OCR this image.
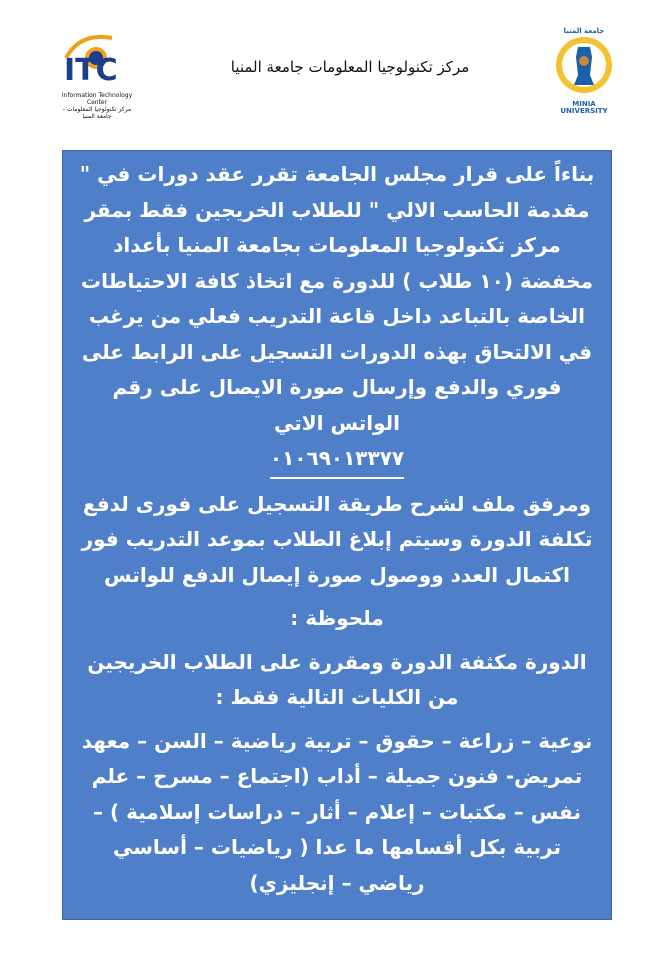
ITC
Information Technology Center
مركز تكنولوجيا المعلومات - جامعة المنيا
مركز تكنولوجيا المعلومات جامعة المنيا
جامعة المنيا
MINIA UNIVERSITY

بناءاً على قرار مجلس الجامعة تقرر عقد دورات في " مقدمة الحاسب الالي " للطلاب الخريجين فقط بمقر مركز تكنولوجيا المعلومات بجامعة المنيا بأعداد مخفضة (١٠ طلاب ) للدورة مع اتخاذ كافة الاحتياطات الخاصة بالتباعد داخل قاعة التدريب فعلي من يرغب في الالتحاق بهذه الدورات التسجيل على الرابط على فوري والدفع وإرسال صورة الايصال على رقم الواتس الاتي
٠١٠٦٩٠١٣٣٧٧

ومرفق ملف لشرح طريقة التسجيل على فورى لدفع تكلفة الدورة وسيتم إبلاغ الطلاب بموعد التدريب فور اكتمال العدد ووصول صورة إيصال الدفع للواتس

ملحوظة :

الدورة مكثفة الدورة ومقررة على الطلاب الخريجين من الكليات التالية فقط :

نوعية – زراعة – حقوق – تربية رياضية – السن – معهد تمريض- فنون جميلة – أداب (اجتماع – مسرح – علم نفس – مكتبات – إعلام – أثار – دراسات إسلامية ) – تربية بكل أقسامها ما عدا ( رياضيات – أساسي رياضي – إنجليزي)
